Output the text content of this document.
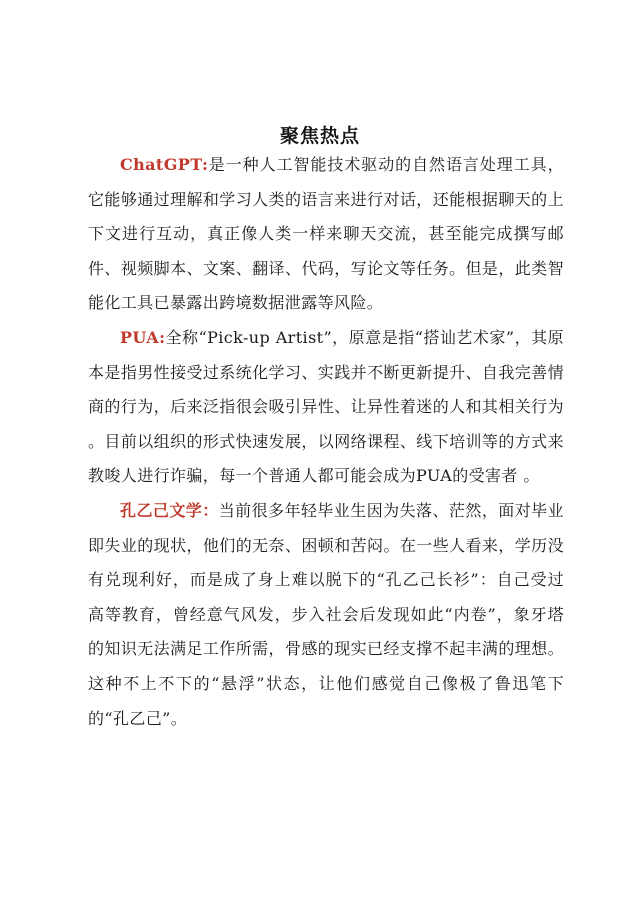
聚焦热点

ChatGPT:是一种人工智能技术驱动的自然语言处理工具，它能够通过理解和学习人类的语言来进行对话，还能根据聊天的上下文进行互动，真正像人类一样来聊天交流，甚至能完成撰写邮件、视频脚本、文案、翻译、代码，写论文等任务。但是，此类智能化工具已暴露出跨境数据泄露等风险。

PUA:全称“Pick-up Artist”，原意是指“搭讪艺术家”，其原本是指男性接受过系统化学习、实践并不断更新提升、自我完善情商的行为，后来泛指很会吸引异性、让异性着迷的人和其相关行为 。目前以组织的形式快速发展，以网络课程、线下培训等的方式来教唆人进行诈骗，每一个普通人都可能会成为PUA的受害者 。

孔乙己文学：当前很多年轻毕业生因为失落、茫然，面对毕业即失业的现状，他们的无奈、困顿和苦闷。在一些人看来，学历没有兑现利好，而是成了身上难以脱下的“孔乙己长衫”：自己受过高等教育，曾经意气风发，步入社会后发现如此“内卷”，象牙塔的知识无法满足工作所需，骨感的现实已经支撑不起丰满的理想。这种不上不下的“悬浮”状态，让他们感觉自己像极了鲁迅笔下的“孔乙己”。
